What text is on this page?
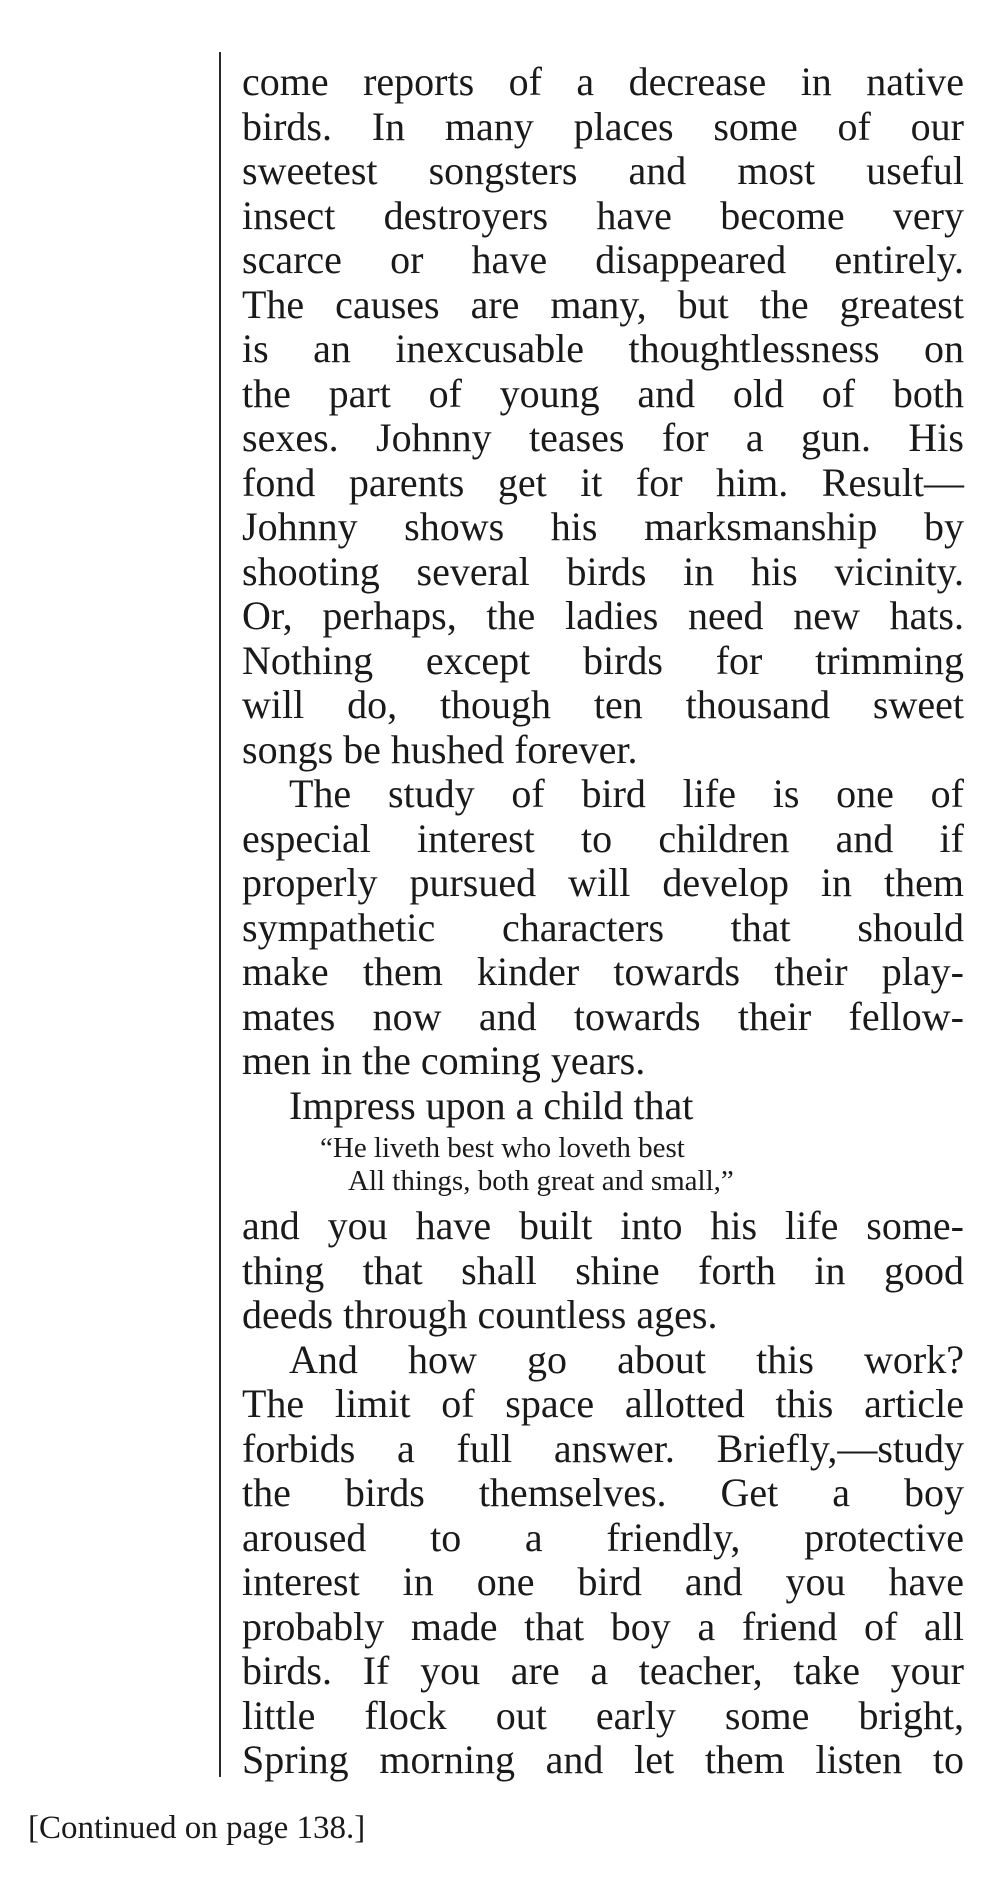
come reports of a decrease in native
birds. In many places some of our
sweetest songsters and most useful
insect destroyers have become very
scarce or have disappeared entirely.
The causes are many, but the greatest
is an inexcusable thoughtlessness on
the part of young and old of both
sexes. Johnny teases for a gun. His
fond parents get it for him. Result—
Johnny shows his marksmanship by
shooting several birds in his vicinity.
Or, perhaps, the ladies need new hats.
Nothing except birds for trimming
will do, though ten thousand sweet
songs be hushed forever.
The study of bird life is one of
especial interest to children and if
properly pursued will develop in them
sympathetic characters that should
make them kinder towards their play-
mates now and towards their fellow-
men in the coming years.
Impress upon a child that
“He liveth best who loveth best
All things, both great and small,”
and you have built into his life some-
thing that shall shine forth in good
deeds through countless ages.
And how go about this work?
The limit of space allotted this article
forbids a full answer. Briefly,—study
the birds themselves. Get a boy
aroused to a friendly, protective
interest in one bird and you have
probably made that boy a friend of all
birds. If you are a teacher, take your
little flock out early some bright,
Spring morning and let them listen to
[Continued on page 138.]
